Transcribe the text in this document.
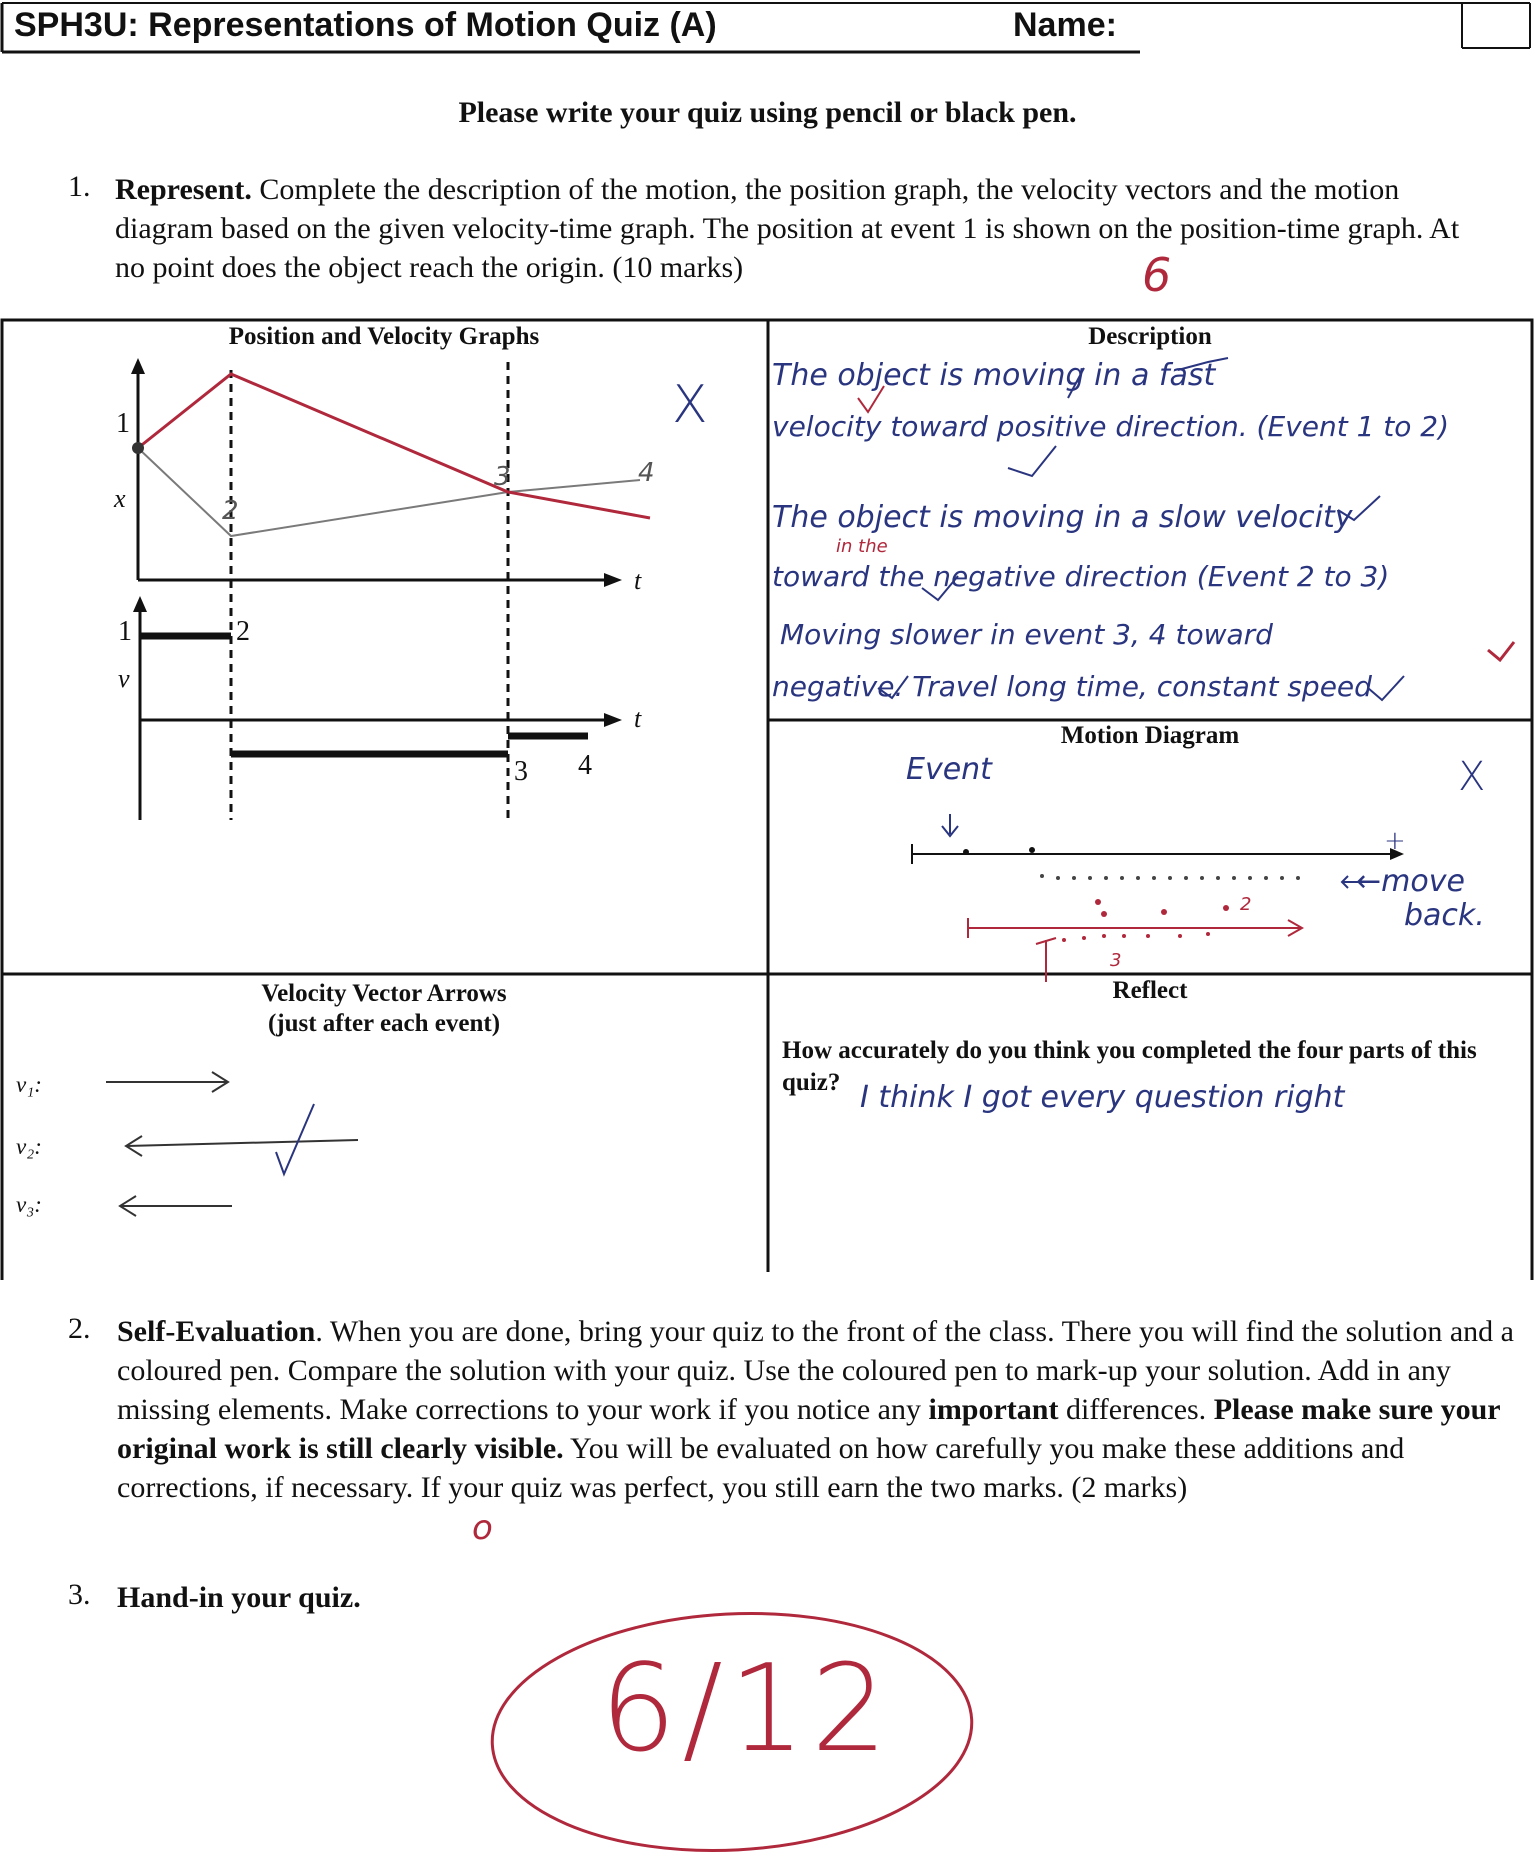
SPH3U: Representations of Motion Quiz (A)	Name:
Please write your quiz using pencil or black pen.
1. Represent. Complete the description of the motion, the position graph, the velocity vectors and the motion diagram based on the given velocity-time graph. The position at event 1 is shown on the position-time graph. At no point does the object reach the origin. (10 marks)	6
Position and Velocity Graphs
1
2
3	4
x
t
1	2
v
t
3 4
X
Description
The object is moving in a fast
velocity toward positive direction. (Event 1 to 2)
in the
The object is moving in a slow velocity
toward the negative direction (Event 2 to 3)
Moving slower in event 3, 4 toward
negative. Travel long time, constant speed
Motion Diagram
Event	X
+
←move
back.
2
3
Velocity Vector Arrows
(just after each event)
v₁:
v₂:
v₃:
Reflect
How accurately do you think you completed the four parts of this quiz? I think I got every question right
2. Self-Evaluation. When you are done, bring your quiz to the front of the class. There you will find the solution and a coloured pen. Compare the solution with your quiz. Use the coloured pen to mark-up your solution. Add in any missing elements. Make corrections to your work if you notice any important differences. Please make sure your original work is still clearly visible. You will be evaluated on how carefully you make these additions and corrections, if necessary. If your quiz was perfect, you still earn the two marks. (2 marks)
o
3. Hand-in your quiz.
6/12
